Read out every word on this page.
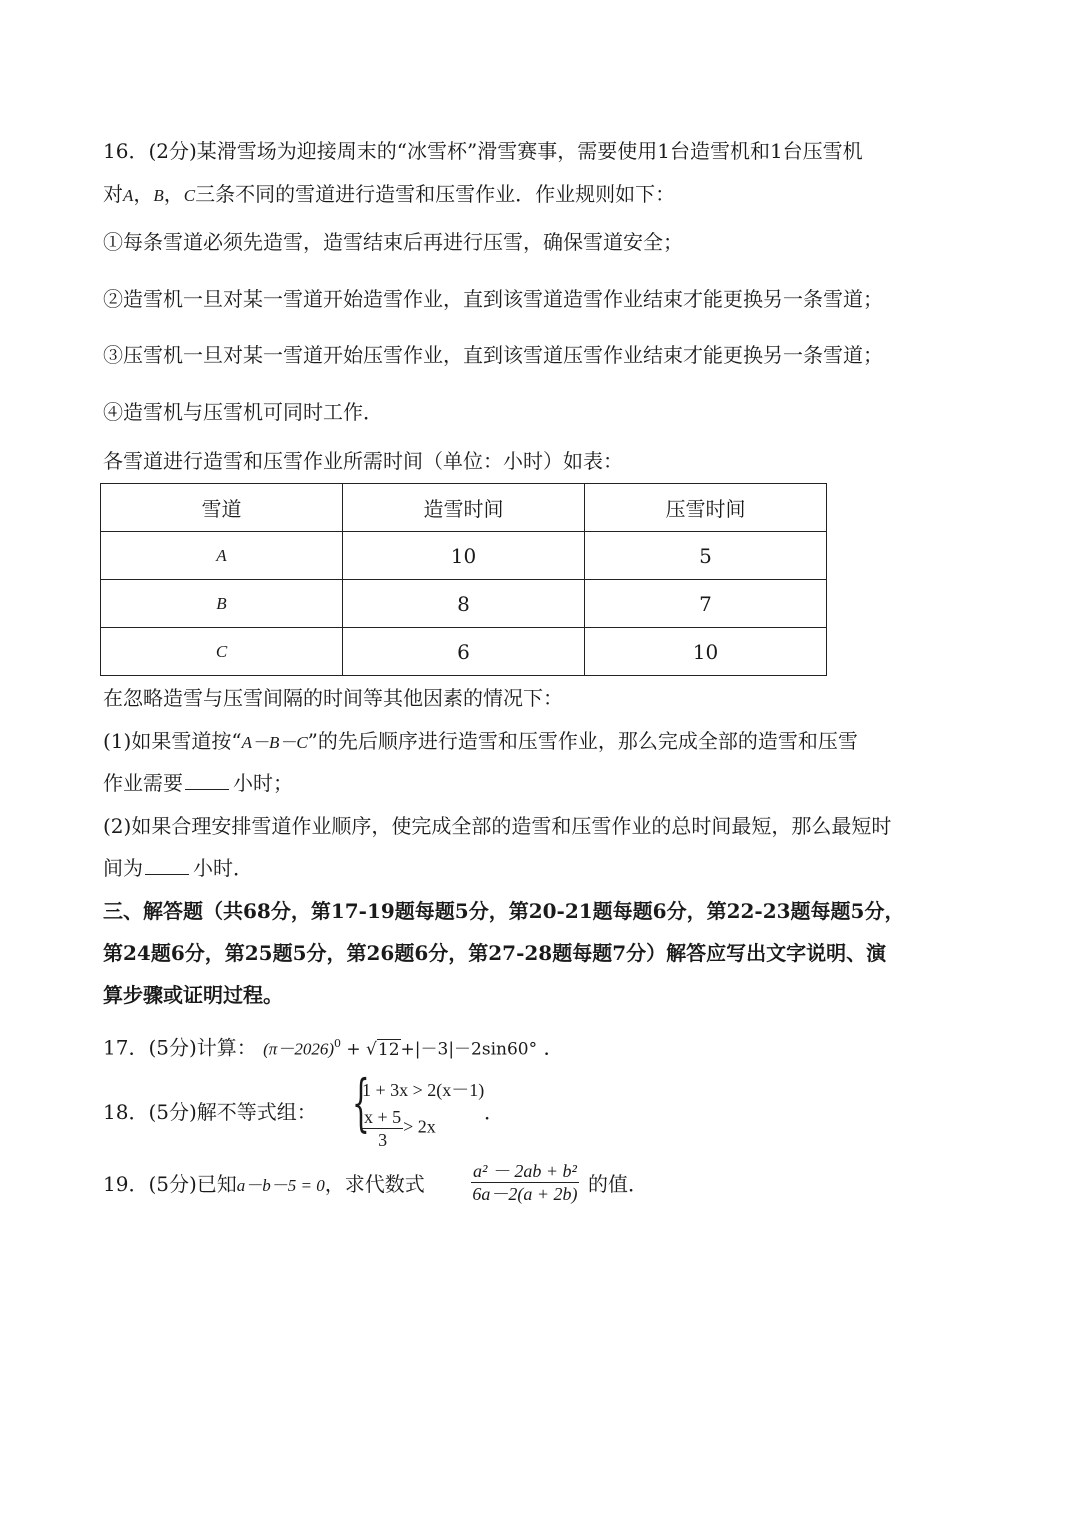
16．(2分)某滑雪场为迎接周末的“冰雪杯”滑雪赛事，需要使用1台造雪机和1台压雪机
对A，B，C三条不同的雪道进行造雪和压雪作业．作业规则如下：
①每条雪道必须先造雪，造雪结束后再进行压雪，确保雪道安全；
②造雪机一旦对某一雪道开始造雪作业，直到该雪道造雪作业结束才能更换另一条雪道；
③压雪机一旦对某一雪道开始压雪作业，直到该雪道压雪作业结束才能更换另一条雪道；
④造雪机与压雪机可同时工作．
各雪道进行造雪和压雪作业所需时间（单位：小时）如表：
雪道	造雪时间	压雪时间
A	10	5
B	8	7
C	6	10
在忽略造雪与压雪间隔的时间等其他因素的情况下：
(1)如果雪道按“A－B－C”的先后顺序进行造雪和压雪作业，那么完成全部的造雪和压雪
作业需要	小时；
(2)如果合理安排雪道作业顺序，使完成全部的造雪和压雪作业的总时间最短，那么最短时
间为	小时．
三、解答题（共68分，第17-19题每题5分，第20-21题每题6分，第22-23题每题5分，
第24题6分，第25题5分，第26题6分，第27-28题每题7分）解答应写出文字说明、演
算步骤或证明过程。
17．(5分)计算： $(\pi-2026)^0 + √12+|-3|-2\sin 60^\circ$ ．
18．(5分)解不等式组： {
1 + 3x > 2(x－1)
$\frac{x + 5}{3} > 2x$
．
19．(5分)已知a－b－5 = 0，求代数式	$\frac{\text{a² － 2ab + b²}}{6a-2(a + 2b)}$ 的值．
